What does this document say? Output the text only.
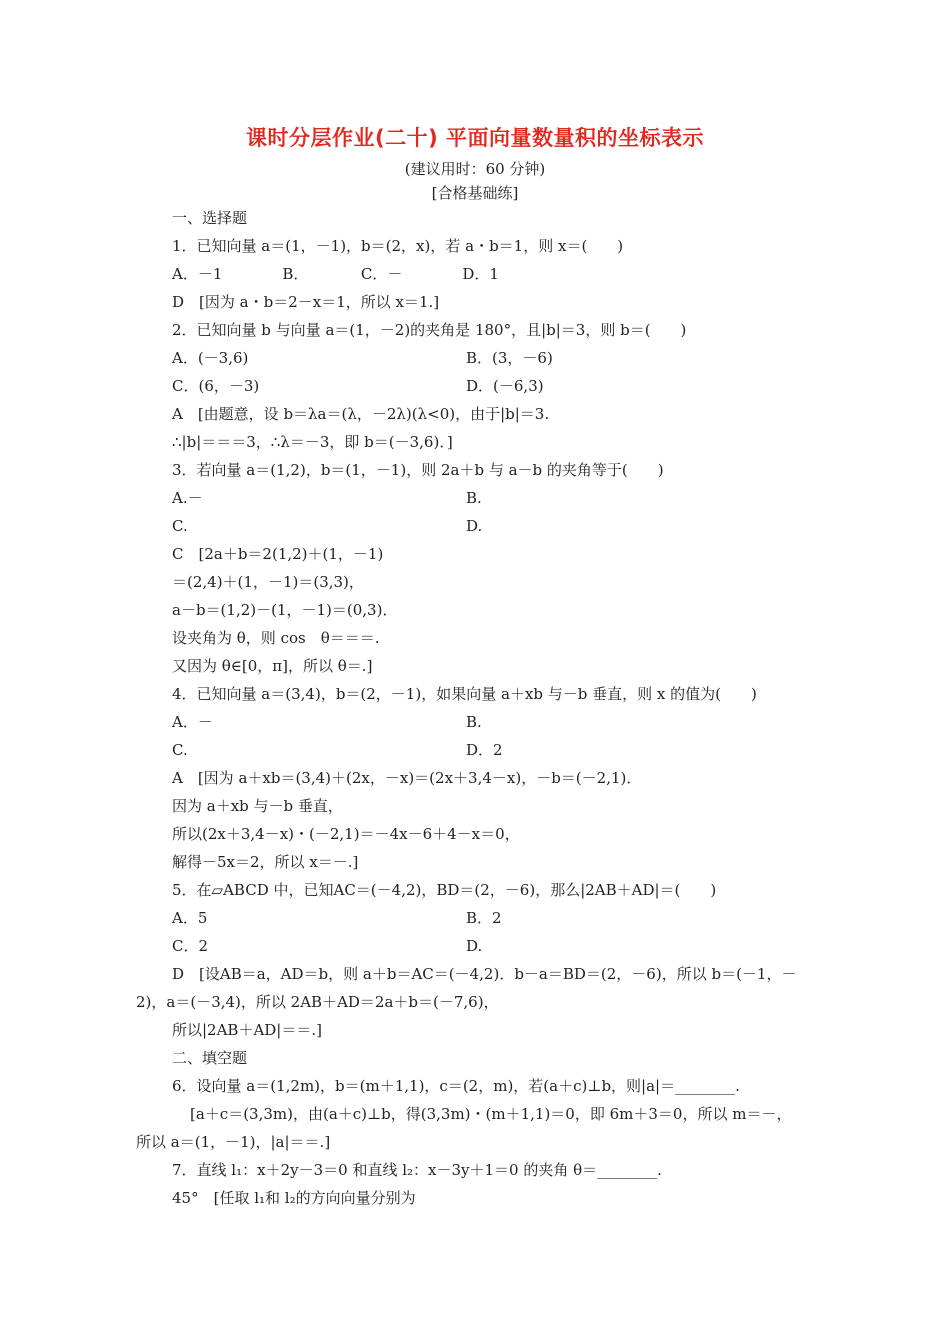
课时分层作业(二十) 平面向量数量积的坐标表示
(建议用时：60 分钟)
[合格基础练]
一、选择题
1．已知向量 a＝(1，－1)，b＝(2，x)，若 a・b＝1，则 x＝(　　)
A．－1　　　　B．　　　　C．－　　　　D．1
D　[因为 a・b＝2－x＝1，所以 x＝1.]
2．已知向量 b 与向量 a＝(1，－2)的夹角是 180°，且|b|＝3，则 b＝(　　)
A．(－3,6)	B．(3，－6)
C．(6，－3)	D．(－6,3)
A　[由题意，设 b＝λa＝(λ，－2λ)(λ<0)，由于|b|＝3.
∴|b|＝＝＝3，∴λ＝－3，即 b＝(－3,6)．]
3．若向量 a＝(1,2)，b＝(1，－1)，则 2a＋b 与 a－b 的夹角等于(　　)
A.－	B.
C.	D.
C　[2a＋b＝2(1,2)＋(1，－1)
＝(2,4)＋(1，－1)＝(3,3)，
a－b＝(1,2)－(1，－1)＝(0,3)．
设夹角为 θ，则 cos　θ＝＝＝.
又因为 θ∈[0，π]，所以 θ＝.]
4．已知向量 a＝(3,4)，b＝(2，－1)，如果向量 a＋xb 与－b 垂直，则 x 的值为(　　)
A．－	B.
C.	D．2
A　[因为 a＋xb＝(3,4)＋(2x，－x)＝(2x＋3,4－x)，－b＝(－2,1)．
因为 a＋xb 与－b 垂直，
所以(2x＋3,4－x)・(－2,1)＝－4x－6＋4－x＝0，
解得－5x＝2，所以 x＝－.]
5．在▱ABCD 中，已知AC＝(－4,2)，BD＝(2，－6)，那么|2AB＋AD|＝(　　)
A．5	B．2
C．2	D.
D　[设AB＝a，AD＝b，则 a＋b＝AC＝(－4,2)．b－a＝BD＝(2，－6)，所以 b＝(－1，－
2)，a＝(－3,4)，所以 2AB＋AD＝2a＋b＝(－7,6)，
所以|2AB＋AD|＝＝.]
二、填空题
6．设向量 a＝(1,2m)，b＝(m＋1,1)，c＝(2，m)，若(a＋c)⊥b，则|a|＝________.
[a＋c＝(3,3m)，由(a＋c)⊥b，得(3,3m)・(m＋1,1)＝0，即 6m＋3＝0，所以 m＝－，
所以 a＝(1，－1)，|a|＝＝.]
7．直线 l₁：x＋2y－3＝0 和直线 l₂：x－3y＋1＝0 的夹角 θ＝________.
45°　[任取 l₁和 l₂的方向向量分别为
